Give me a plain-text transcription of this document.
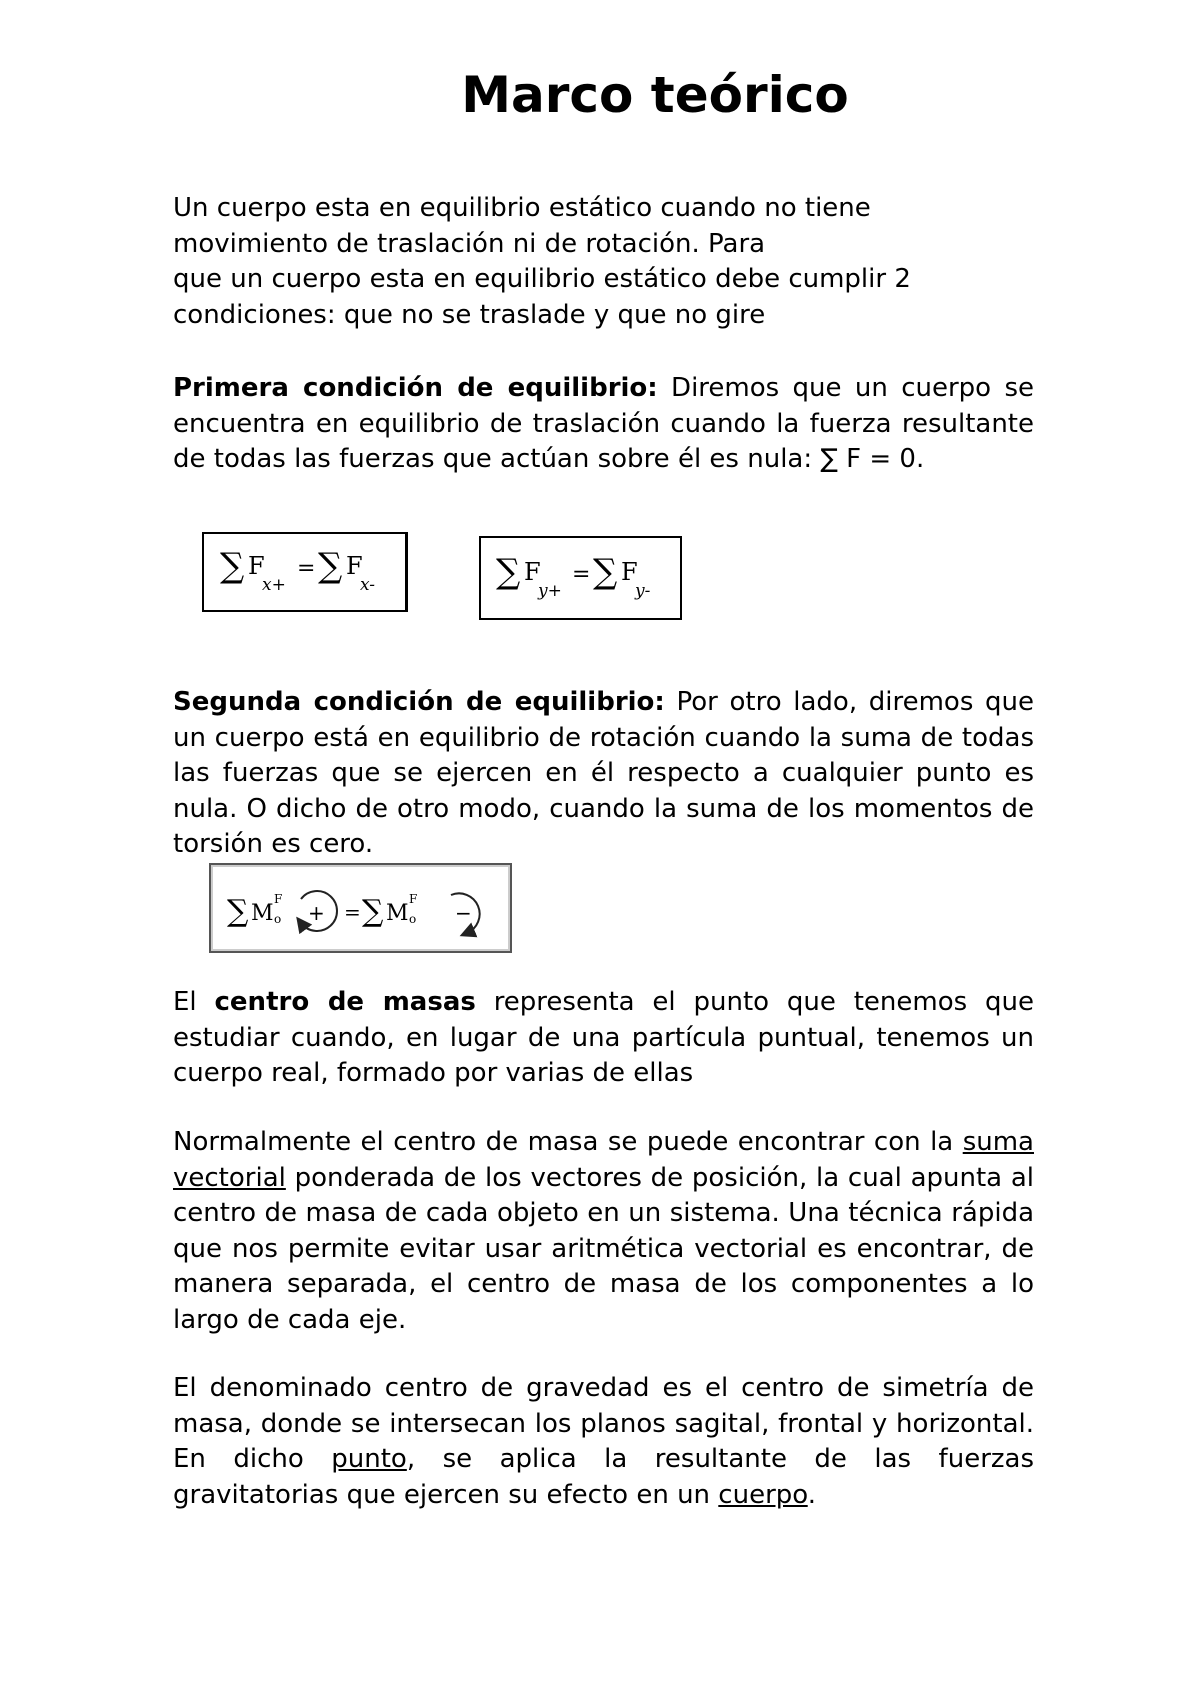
Marco teórico

Un cuerpo esta en equilibrio estático cuando no tiene
movimiento de traslación ni de rotación. Para
que un cuerpo esta en equilibrio estático debe cumplir 2
condiciones: que no se traslade y que no gire

Primera condición de equilibrio: Diremos que un cuerpo se encuentra en equilibrio de traslación cuando la fuerza resultante de todas las fuerzas que actúan sobre él es nula: ∑ F = 0.

∑ F
x+
= ∑ F
x-	∑ F
y+
= ∑ F
y-

Segunda condición de equilibrio: Por otro lado, diremos que un cuerpo está en equilibrio de rotación cuando la suma de todas las fuerzas que se ejercen en él respecto a cualquier punto es nula. O dicho de otro modo, cuando la suma de los momentos de torsión es cero.

∑ M
F
o + = ∑ M
F
o −

El centro de masas representa el punto que tenemos que estudiar cuando, en lugar de una partícula puntual, tenemos un cuerpo real, formado por varias de ellas

Normalmente el centro de masa se puede encontrar con la suma vectorial ponderada de los vectores de posición, la cual apunta al centro de masa de cada objeto en un sistema. Una técnica rápida que nos permite evitar usar aritmética vectorial es encontrar, de manera separada, el centro de masa de los componentes a lo largo de cada eje.

El denominado centro de gravedad es el centro de simetría de masa, donde se intersecan los planos sagital, frontal y horizontal. En dicho punto, se aplica la resultante de las fuerzas gravitatorias que ejercen su efecto en un cuerpo.
